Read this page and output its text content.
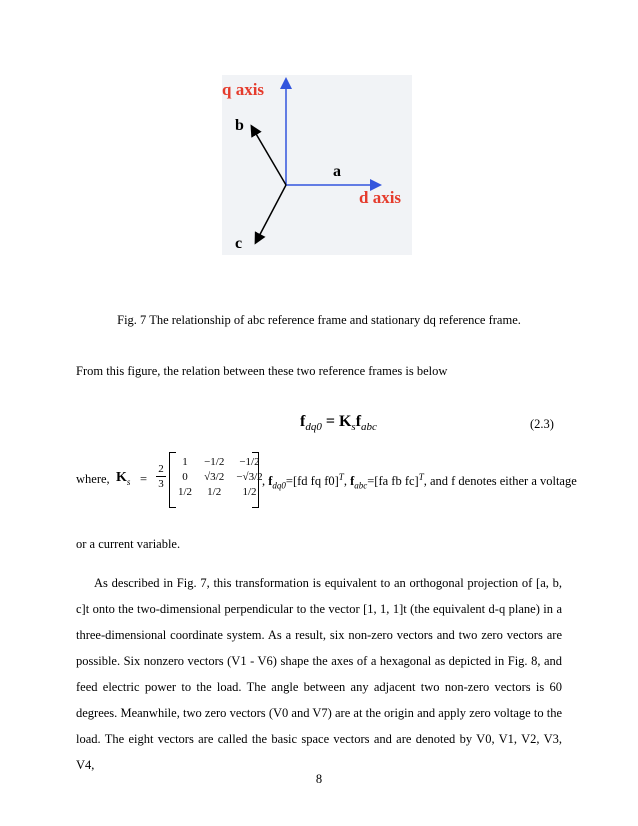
q axis
d axis
a
b
c
Fig. 7 The relationship of abc reference frame and stationary dq reference frame.
From this figure, the relation between these two reference frames is below
$f_{dq0} = K_sf_{abc}$	(2.3)
where, $K_s = \frac{2}{3}$
1	−1/2	−1/2
0	√3/2	−√3/2
1/2	1/2	1/2
, $f_{dq0}=[fd$ fq f0]$^T$, $f_{abc}=[fa$ fb fc]$^T$, and f denotes either a voltage
or a current variable.
As described in Fig. 7, this transformation is equivalent to an orthogonal projection of [a, b,
c]t onto the two-dimensional perpendicular to the vector [1, 1, 1]t (the equivalent d-q plane) in a
three-dimensional coordinate system. As a result, six non-zero vectors and two zero vectors are
possible. Six nonzero vectors (V1 - V6) shape the axes of a hexagonal as depicted in Fig. 8, and
feed electric power to the load. The angle between any adjacent two non-zero vectors is 60
degrees. Meanwhile, two zero vectors (V0 and V7) are at the origin and apply zero voltage to the
load. The eight vectors are called the basic space vectors and are denoted by V0, V1, V2, V3, V4,
8
